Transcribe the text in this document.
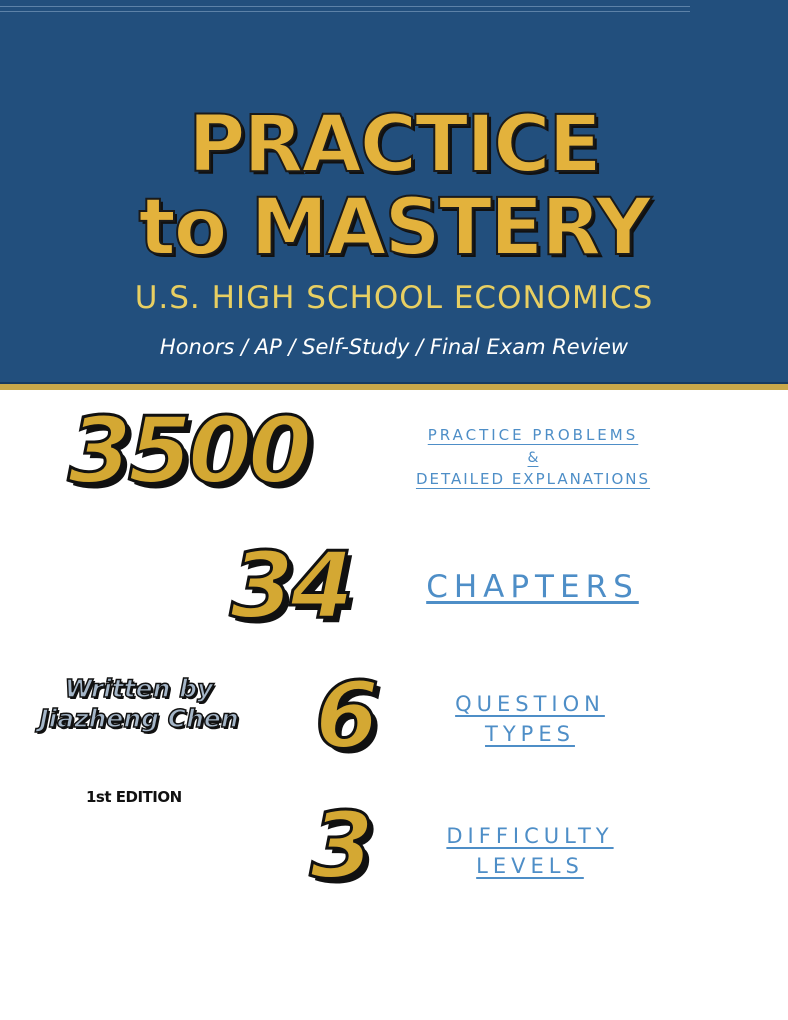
PRACTICE
to MASTERY
U.S. HIGH SCHOOL ECONOMICS
Honors / AP / Self-Study / Final Exam Review
3500	PRACTICE PROBLEMS
&
DETAILED EXPLANATIONS
34	CHAPTERS
6	QUESTION
TYPES
3	DIFFICULTY
LEVELS
Written by
Jiazheng Chen
1st EDITION
